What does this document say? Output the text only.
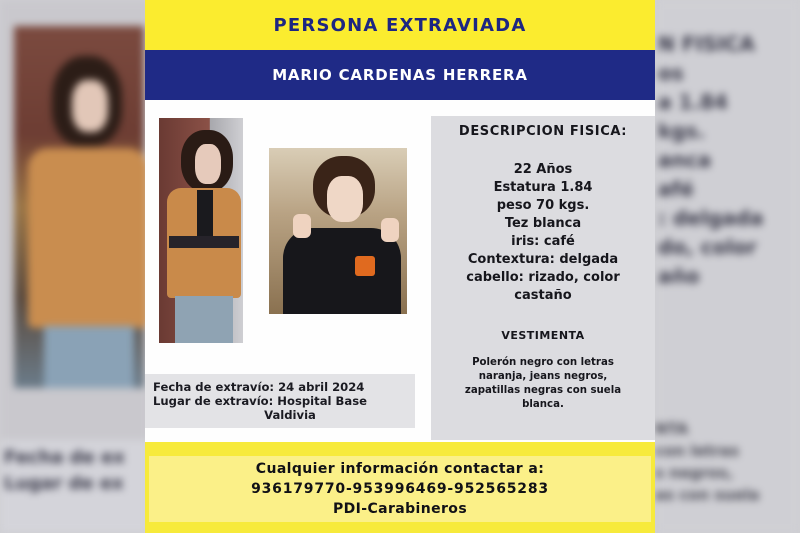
Fecha de ex
Lugar de ex
N FISICA
os
a 1.84
kgs.
anca
afé
: delgada
do, color
año
NTA
con letras
s negros,
as con suela
PERSONA EXTRAVIADA
MARIO CARDENAS HERRERA
Fecha de extravío: 24 abril 2024
Lugar de extravío: Hospital Base
Valdivia
DESCRIPCION FISICA:
22 Años
Estatura 1.84
peso 70 kgs.
Tez blanca
iris: café
Contextura: delgada
cabello: rizado, color
castaño
VESTIMENTA
Polerón negro con letras
naranja, jeans negros,
zapatillas negras con suela
blanca.
Cualquier información contactar a:
936179770-953996469-952565283
PDI-Carabineros
